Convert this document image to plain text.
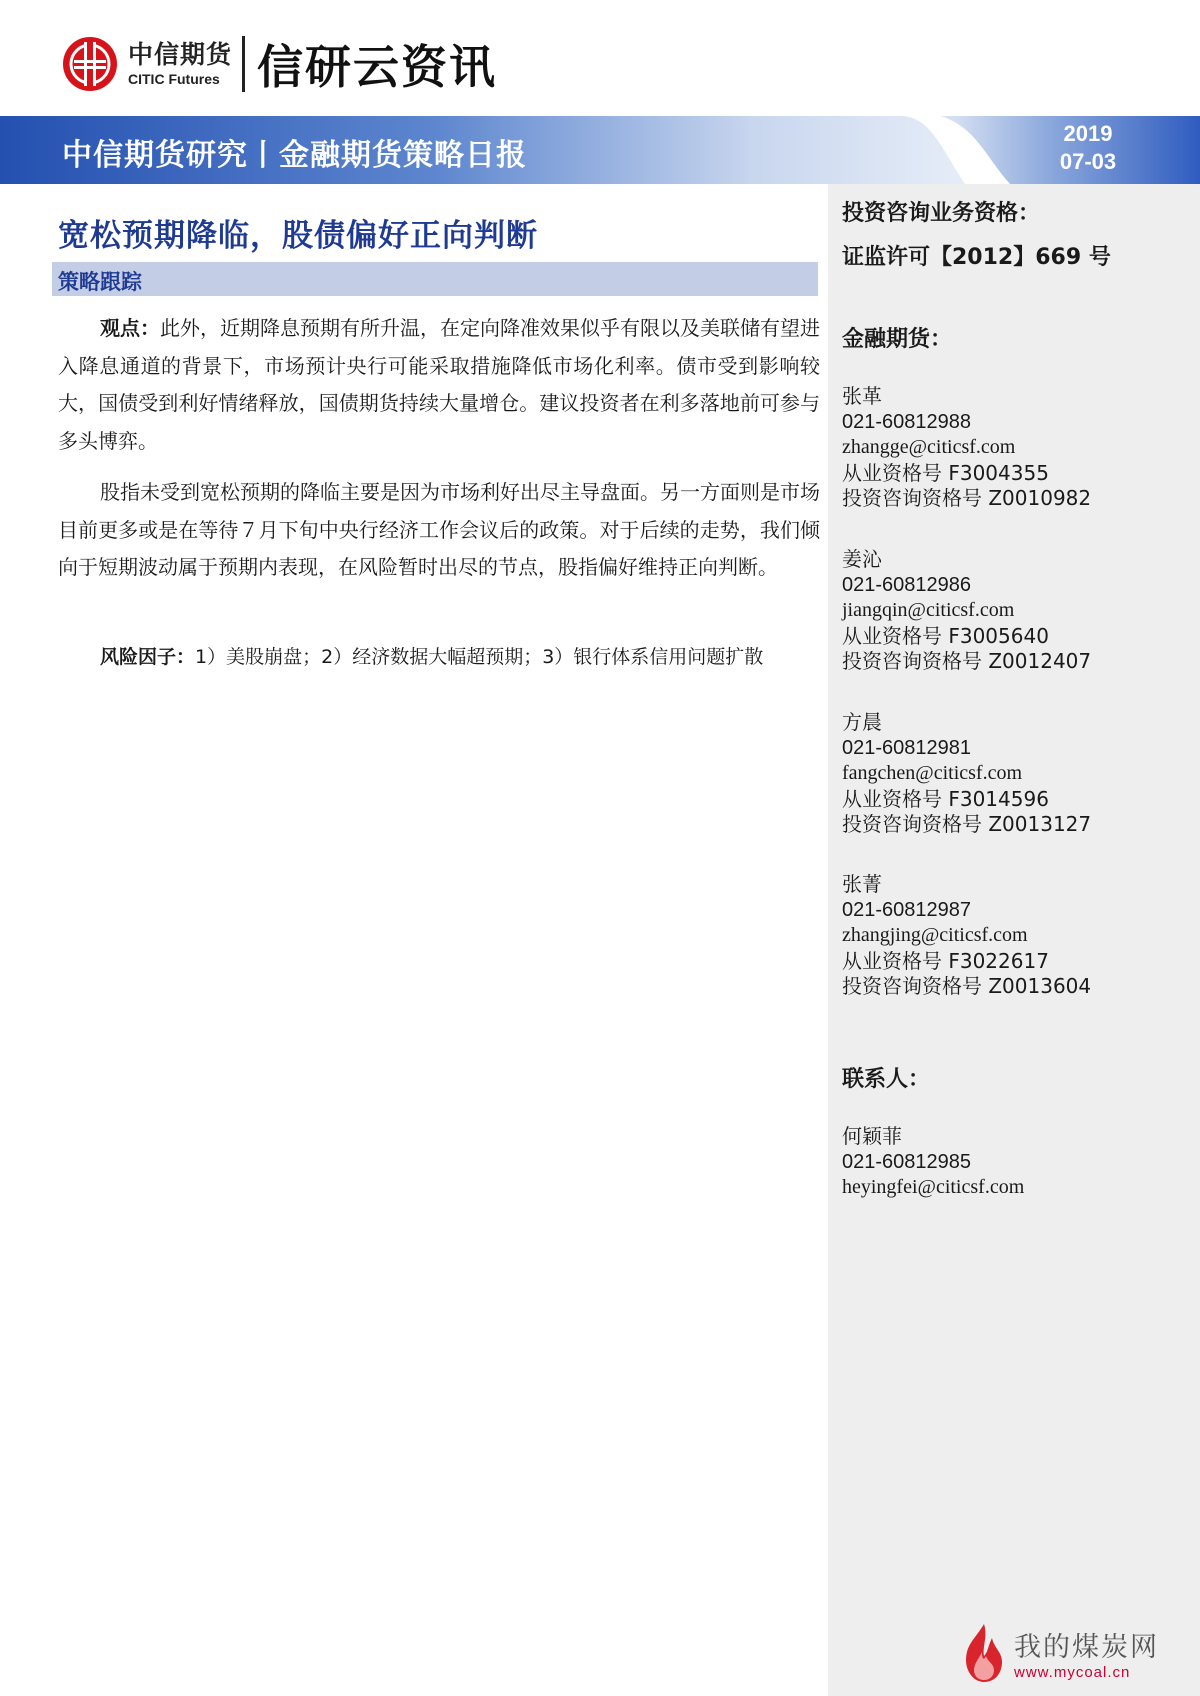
中信期货
CITIC Futures 信研云资讯
中信期货研究丨金融期货策略日报
2019
07-03
投资咨询业务资格：
证监许可【2012】669 号
金融期货：
张革
021-60812988
zhangge@citicsf.com
从业资格号 F3004355
投资咨询资格号 Z0010982
姜沁
021-60812986
jiangqin@citicsf.com
从业资格号 F3005640
投资咨询资格号 Z0012407
方晨
021-60812981
fangchen@citicsf.com
从业资格号 F3014596
投资咨询资格号 Z0013127
张菁
021-60812987
zhangjing@citicsf.com
从业资格号 F3022617
投资咨询资格号 Z0013604
联系人：
何颖菲
021-60812985
heyingfei@citicsf.com
宽松预期降临，股债偏好正向判断
策略跟踪

观点：此外，近期降息预期有所升温，在定向降准效果似乎有限以及美联储有望进入降息通道的背景下，市场预计央行可能采取措施降低市场化利率。债市受到影响较大，国债受到利好情绪释放，国债期货持续大量增仓。建议投资者在利多落地前可参与多头博弈。

股指未受到宽松预期的降临主要是因为市场利好出尽主导盘面。另一方面则是市场目前更多或是在等待７月下旬中央行经济工作会议后的政策。对于后续的走势，我们倾向于短期波动属于预期内表现，在风险暂时出尽的节点，股指偏好维持正向判断。

风险因子：1）美股崩盘；2）经济数据大幅超预期；3）银行体系信用问题扩散
我的煤炭网
www.mycoal.cn
